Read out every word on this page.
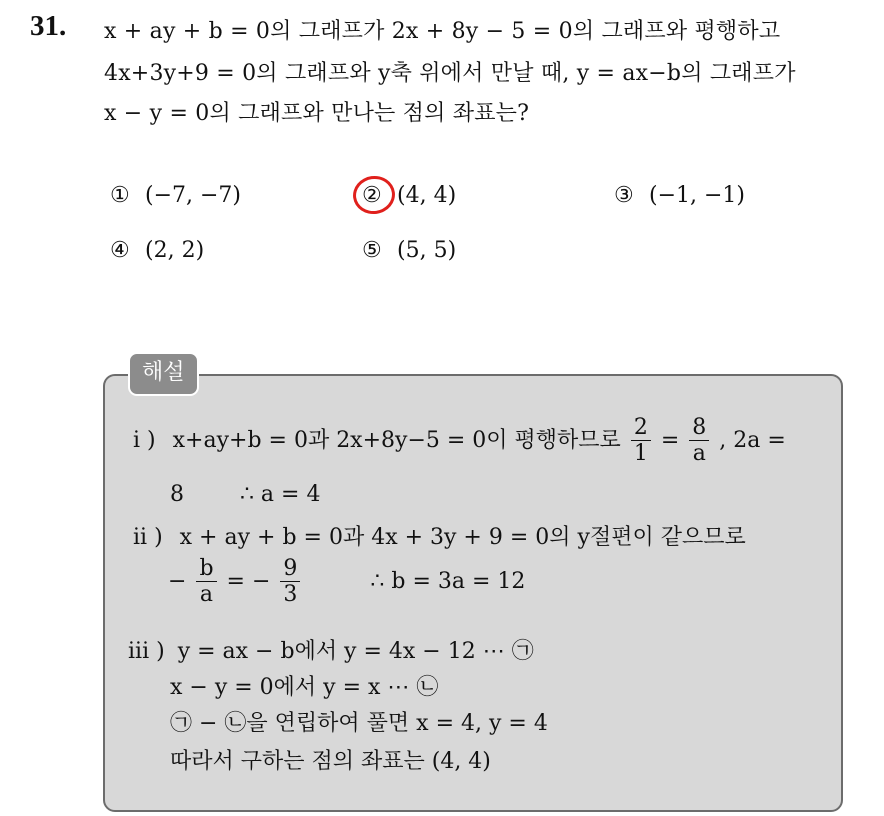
31. x + ay + b = 0의 그래프가 2x + 8y − 5 = 0의 그래프와 평행하고
4x+3y+9 = 0의 그래프와 y축 위에서 만날 때, y = ax−b의 그래프가
x − y = 0의 그래프와 만나는 점의 좌표는?
① (−7, −7)	② (4, 4)	③ (−1, −1)
④ (2, 2)	⑤ (5, 5)
해설
i ) x+ay+b = 0과 2x+8y−5 = 0이 평행하므로 $\frac{2}{1} = \frac{8}{a}$ , 2a =
8        ∴ a = 4
ii ) x + ay + b = 0과 4x + 3y + 9 = 0의 y절편이 같으므로
− $\frac{b}{a}$ = − $\frac{9}{3}$	∴ b = 3a = 12
iii ) y = ax − b에서 y = 4x − 12 ⋯ ㉠
x − y = 0에서 y = x ⋯ ㉡
㉠ − ㉡을 연립하여 풀면 x = 4, y = 4
따라서 구하는 점의 좌표는 (4, 4)
